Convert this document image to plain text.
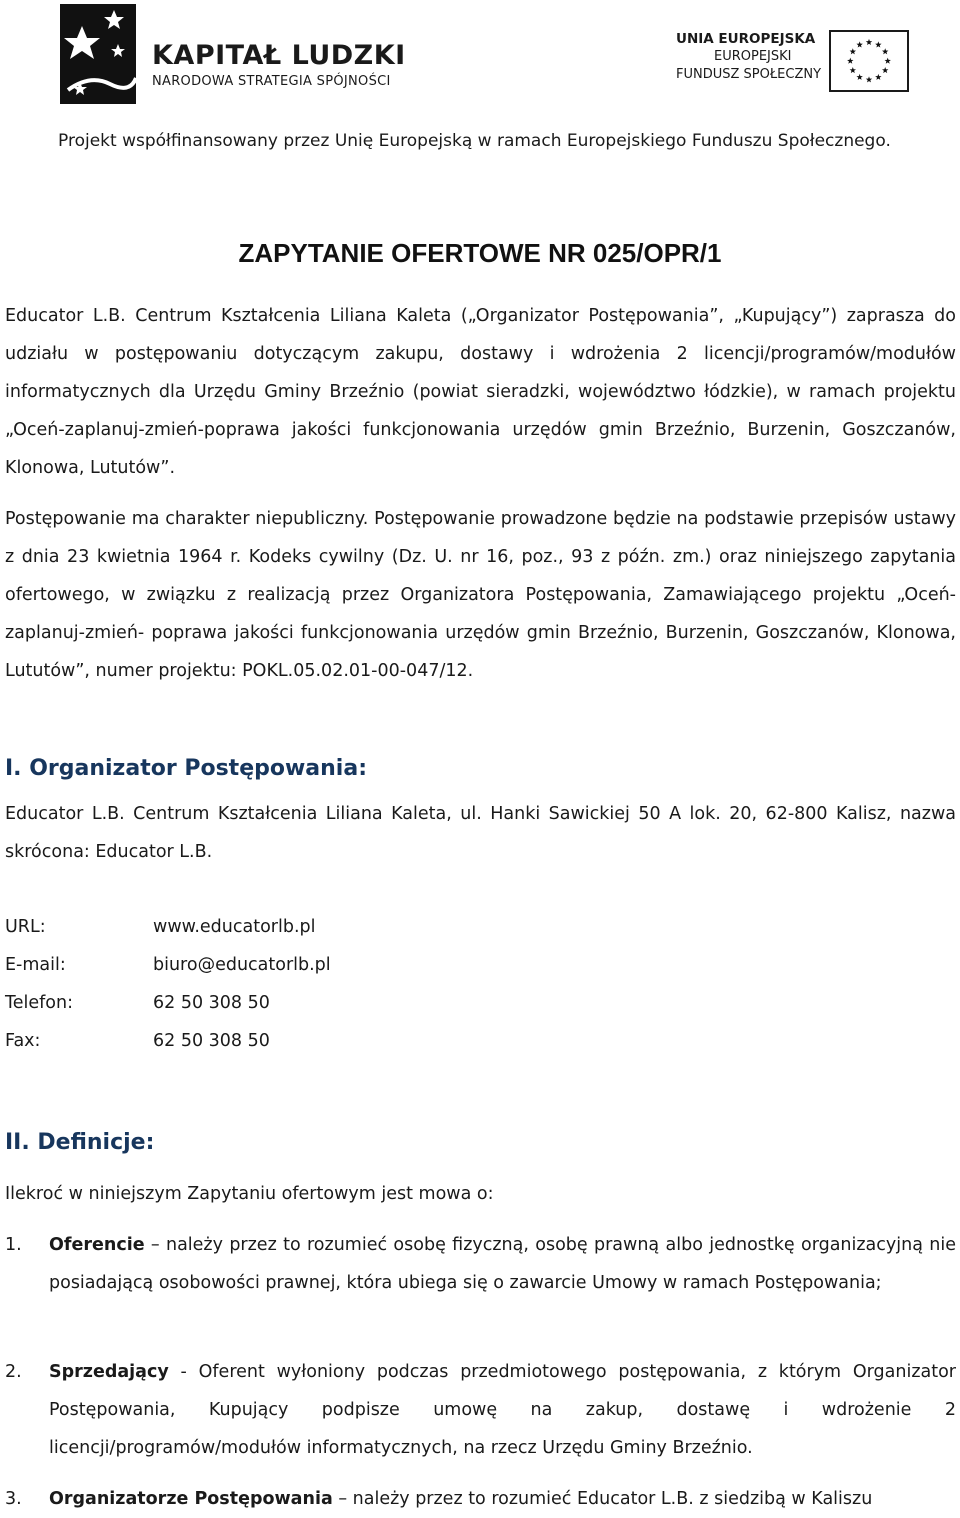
KAPITAŁ LUDZKI
NARODOWA STRATEGIA SPÓJNOŚCI
UNIA EUROPEJSKA
EUROPEJSKI
FUNDUSZ SPOŁECZNY
Projekt współfinansowany przez Unię Europejską w ramach Europejskiego Funduszu Społecznego.
ZAPYTANIE OFERTOWE NR 025/OPR/1

Educator L.B. Centrum Kształcenia Liliana Kaleta („Organizator Postępowania”, „Kupujący”) zaprasza do udziału w postępowaniu dotyczącym zakupu, dostawy i wdrożenia 2 licencji/programów/modułów informatycznych dla Urzędu Gminy Brzeźnio (powiat sieradzki, województwo łódzkie), w ramach projektu „Oceń-zaplanuj-zmień-poprawa jakości funkcjonowania urzędów gmin Brzeźnio, Burzenin, Goszczanów, Klonowa, Lututów”.

Postępowanie ma charakter niepubliczny. Postępowanie prowadzone będzie na podstawie przepisów ustawy z dnia 23 kwietnia 1964 r. Kodeks cywilny (Dz. U. nr 16, poz., 93 z późn. zm.) oraz niniejszego zapytania ofertowego, w związku z realizacją przez Organizatora Postępowania, Zamawiającego projektu „Oceń-zaplanuj-zmień- poprawa jakości funkcjonowania urzędów gmin Brzeźnio, Burzenin, Goszczanów, Klonowa, Lututów”, numer projektu: POKL.05.02.01-00-047/12.

I. Organizator Postępowania:

Educator L.B. Centrum Kształcenia Liliana Kaleta, ul. Hanki Sawickiej 50 A lok. 20, 62-800 Kalisz, nazwa skrócona: Educator L.B.

URL:	www.educatorlb.pl
E-mail:	biuro@educatorlb.pl
Telefon:	62 50 308 50
Fax:	62 50 308 50
II. Definicje:

Ilekroć w niniejszym Zapytaniu ofertowym jest mowa o:

1. Oferencie – należy przez to rozumieć osobę fizyczną, osobę prawną albo jednostkę organizacyjną nie posiadającą osobowości prawnej, która ubiega się o zawarcie Umowy w ramach Postępowania;
2. Sprzedający - Oferent wyłoniony podczas przedmiotowego postępowania, z którym Organizator Postępowania, Kupujący podpisze umowę na zakup, dostawę i wdrożenie 2 licencji/programów/modułów informatycznych, na rzecz Urzędu Gminy Brzeźnio.
3. Organizatorze Postępowania – należy przez to rozumieć Educator L.B. z siedzibą w Kaliszu
